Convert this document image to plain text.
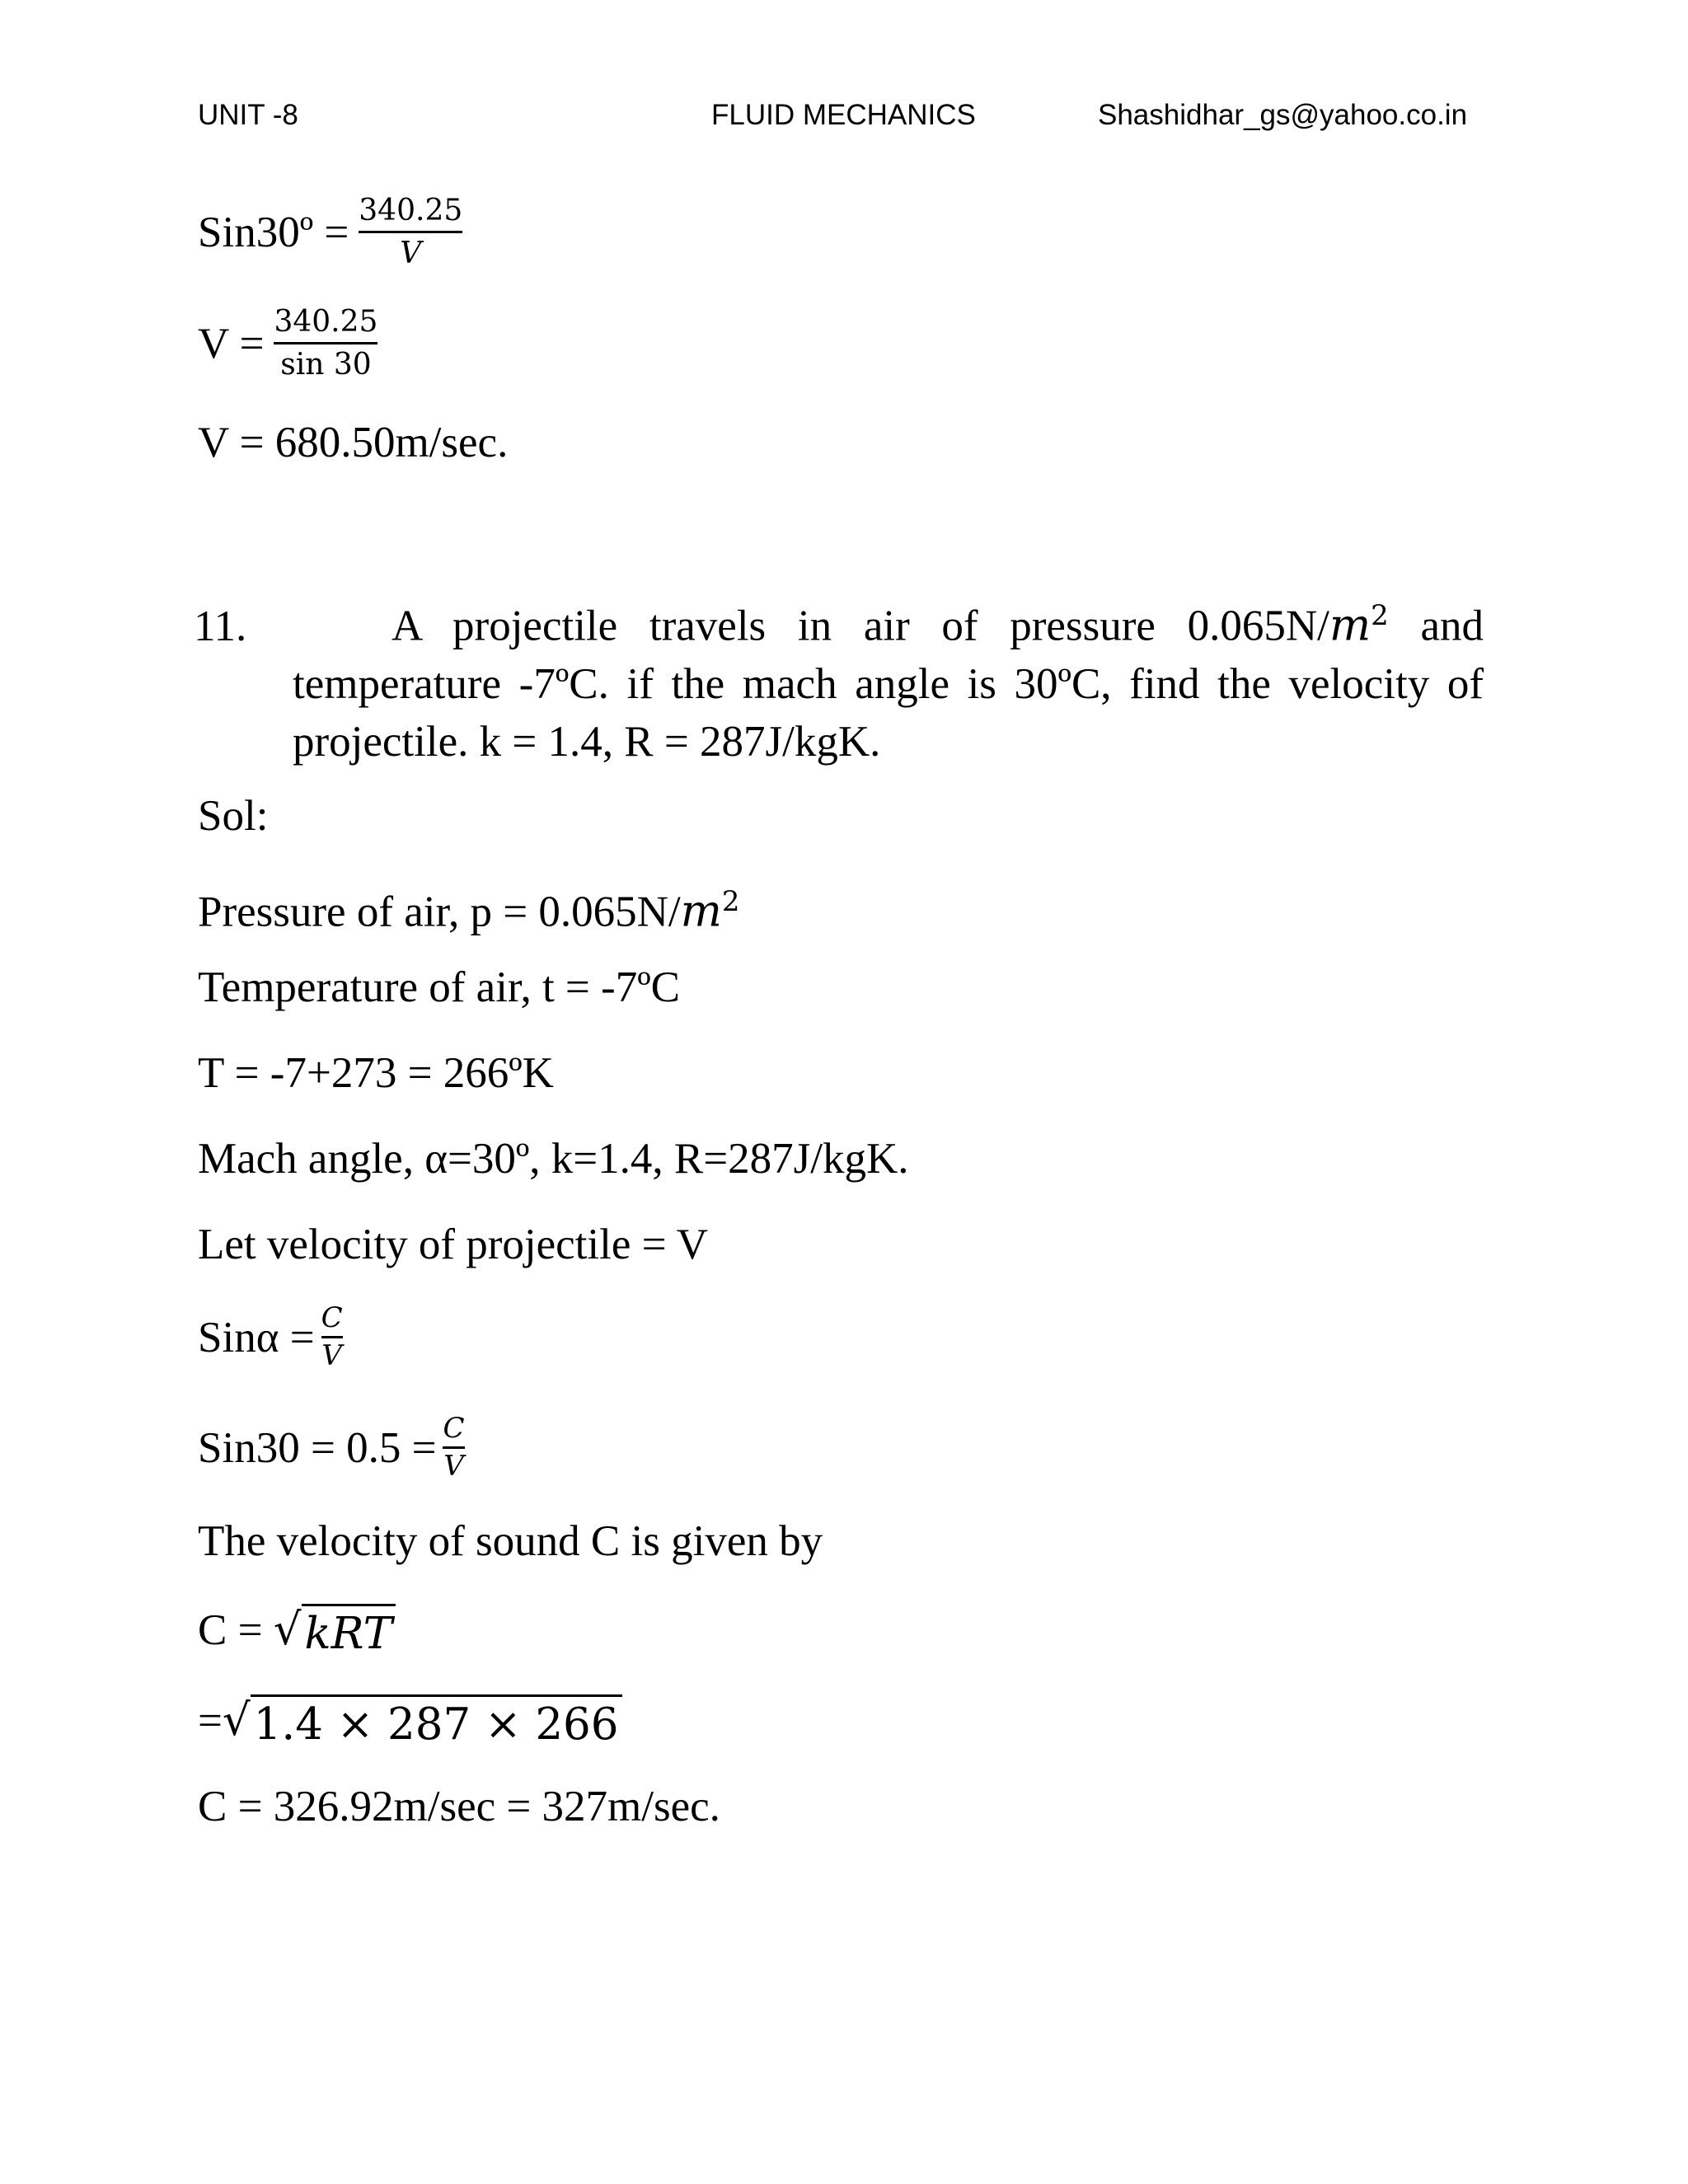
UNIT -8	FLUID MECHANICS	Shashidhar_gs@yahoo.co.in
Sin30º = $\frac{340.25}{V}$
$V = \frac{340.25}{\sin 30}$
V = 680.50m/sec.
11.	A projectile travels in air of pressure $0.065N/m^2$ and
temperature -7ºC. if the mach angle is 30ºC, find the velocity of
projectile. k = 1.4, R = 287J/kgK.
Sol:
Pressure of air, $p = 0.065N/m^2$
Temperature of air, t = -7ºC
T = -7+273 = 266ºK
Mach angle, α=30º, k=1.4, R=287J/kgK.
Let velocity of projectile = V
$Sin\alpha = \frac{C}{V}$
$Sin30 = 0.5 = \frac{C}{V}$
The velocity of sound C is given by
C = √ kRT
= √ 1.4 × 287 × 266
C = 326.92m/sec = 327m/sec.
